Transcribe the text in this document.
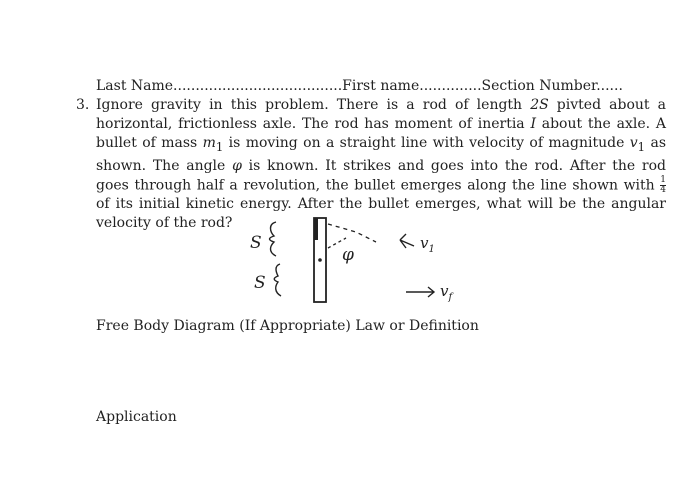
Last Name......................................First name..............Section Number......
3. Ignore gravity in this problem. There is a rod of length 2S pivted about a horizontal, frictionless axle. The rod has moment of inertia I about the axle. A bullet of mass $m_1$ is moving on a straight line with velocity of magnitude $v_1$ as shown. The angle φ is known. It strikes and goes into the rod. After the rod goes through half a revolution, the bullet emerges along the line shown with $\frac{1}{4}$
of its initial kinetic energy. After the bullet emerges, what will be the angular velocity of the rod?
S
S
φ
$v_1$
$v_f$
Free Body Diagram (If Appropriate) Law or Definition
Application
